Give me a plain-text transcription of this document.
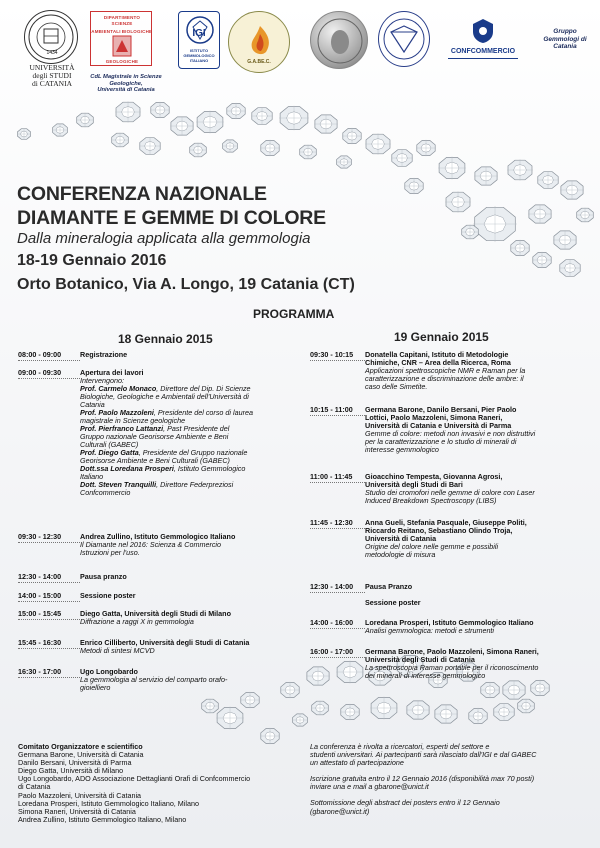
1434
UNIVERSITÀ
degli STUDI
di CATANIA
DIPARTIMENTO
SCIENZE
BIOLOGICHE
AMBIENTALI
GEOLOGICHE
CdL Magistrale in Scienze
Geologiche,
Università di Catania
IGI
ISTITUTO
GEMMOLOGICO
ITALIANO	G.A.BE.C.
CONFCOMMERCIO
Gruppo
Gemmologi di
Catania
CONFERENZA NAZIONALE
DIAMANTE E GEMME DI COLORE
Dalla mineralogia applicata alla gemmologia
18-19 Gennaio 2016
Orto Botanico, Via A. Longo, 19 Catania (CT)
PROGRAMMA
18 Gennaio 2015	19 Gennaio 2015
08:00 - 09:00	Registrazione
09:00 - 09:30	Apertura dei lavori
Intervengono:
Prof. Carmelo Monaco, Direttore del Dip. Di Scienze
Biologiche, Geologiche e Ambientali dell'Università di
Catania
Prof. Paolo Mazzoleni, Presidente del corso di laurea
magistrale in Scienze geologiche
Prof. Pierfranco Lattanzi, Past Presidente del
Gruppo nazionale Georisorse Ambiente e Beni
Culturali (GABEC)
Prof. Diego Gatta, Presidente del Gruppo nazionale
Georisorse Ambiente e Beni Culturali (GABEC)
Dott.ssa Loredana Prosperi, Istituto Gemmologico
Italiano
Dott. Steven Tranquilli, Direttore Federpreziosi
Confcommercio
09:30 - 12:30	Andrea Zullino, Istituto Gemmologico Italiano
Il Diamante nel 2016: Scienza & Commercio
Istruzioni per l'uso.
12:30 - 14:00	Pausa pranzo
14:00 - 15:00	Sessione poster
15:00 - 15:45	Diego Gatta, Università degli Studi di Milano
Diffrazione a raggi X in gemmologia
15:45 - 16:30	Enrico Cilliberto, Università degli Studi di Catania
Metodi di sintesi MCVD
16:30 - 17:00	Ugo Longobardo
La gemmologia al servizio del comparto orafo-
gioielliero
09:30 - 10:15 Donatella Capitani, Istituto di Metodologie
Chimiche, CNR – Area della Ricerca, Roma
Applicazioni spettroscopiche NMR e Raman per la
caratterizzazione e discriminazione delle ambre: il
caso delle Simetite.
10:15 - 11:00 Germana Barone, Danilo Bersani, Pier Paolo
Lottici, Paolo Mazzoleni, Simona Raneri,
Università di Catania e Università di Parma
Gemme di colore: metodi non invasivi e non distruttivi
per la caratterizzazione e lo studio di minerali di
interesse gemmologico
11:00 - 11:45 Gioacchino Tempesta, Giovanna Agrosi,
Università degli Studi di Bari
Studio dei cromofori nelle gemme di colore con Laser
Induced Breakdown Spectroscopy (LIBS)
11:45 - 12:30 Anna Gueli, Stefania Pasquale, Giuseppe Politi,
Riccardo Reitano, Sebastiano Olindo Troja,
Università di Catania
Origine del colore nelle gemme e possibili
metodologie di misura
12:30 - 14:00 Pausa Pranzo
Sessione poster
14:00 - 16:00 Loredana Prosperi, Istituto Gemmologico Italiano
Analisi gemmologica: metodi e strumenti
16:00 - 17:00 Germana Barone, Paolo Mazzoleni, Simona Raneri,
Università degli Studi di Catania
La spettroscopia Raman portatile per il riconoscimento
dei minerali di interesse gemmologico
Comitato Organizzatore e scientifico
Germana Barone, Università di Catania
Danilo Bersani, Università di Parma
Diego Gatta, Università di Milano
Ugo Longobardo, ADO Associazione Dettaglianti Orafi di Confcommercio
di Catania
Paolo Mazzoleni, Università di Catania
Loredana Prosperi, Istituto Gemmologico Italiano, Milano
Simona Raneri, Università di Catania
Andrea Zullino, Istituto Gemmologico Italiano, Milano
La conferenza è rivolta a ricercatori, esperti del settore e
studenti universitari. Ai partecipanti sarà rilasciato dall'IGI e dal GABEC
un attestato di partecipazione
Iscrizione gratuita entro il 12 Gennaio 2016 (disponibilità max 70 posti)
inviare una e mail a gbarone@unict.it
Sottomissione degli abstract dei posters entro il 12 Gennaio
(gbarone@unict.it)
